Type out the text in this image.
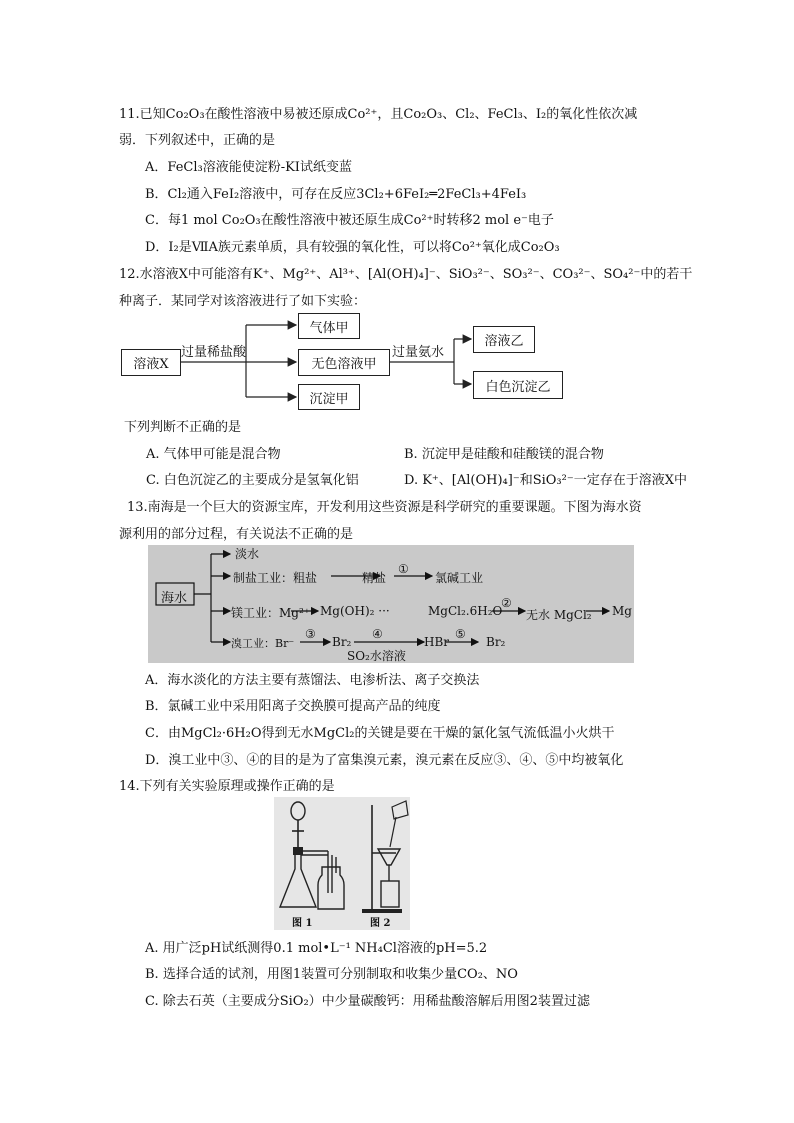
11.已知Co₂O₃在酸性溶液中易被还原成Co²⁺，且Co₂O₃、Cl₂、FeCl₃、I₂的氧化性依次减
弱．下列叙述中，正确的是
A．FeCl₃溶液能使淀粉-KI试纸变蓝
B．Cl₂通入FeI₂溶液中，可存在反应3Cl₂+6FeI₂═2FeCl₃+4FeI₃
C．每1 mol Co₂O₃在酸性溶液中被还原生成Co²⁺时转移2 mol e⁻电子
D．I₂是ⅦA族元素单质，具有较强的氧化性，可以将Co²⁺氧化成Co₂O₃
12.水溶液X中可能溶有K⁺、Mg²⁺、Al³⁺、[Al(OH)₄]⁻、SiO₃²⁻、SO₃²⁻、CO₃²⁻、SO₄²⁻中的若干
种离子．某同学对该溶液进行了如下实验：
溶液X
过量稀盐酸
气体甲
无色溶液甲
沉淀甲
过量氨水
溶液乙
白色沉淀乙
下列判断不正确的是
A. 气体甲可能是混合物	B. 沉淀甲是硅酸和硅酸镁的混合物
C. 白色沉淀乙的主要成分是氢氧化铝	D. K⁺、[Al(OH)₄]⁻和SiO₃²⁻一定存在于溶液X中
13.南海是一个巨大的资源宝库，开发利用这些资源是科学研究的重要课题。下图为海水资
源利用的部分过程，有关说法不正确的是
海水
淡水
制盐工业：粗盐	精盐
①
氯碱工业
镁工业：Mg²⁺ Mg(OH)₂ ···	MgCl₂.6H₂O
②
无水 MgCl₂ Mg
溴工业：Br⁻
③
Br₂
④
SO₂水溶液
HBr
⑤
Br₂
A．海水淡化的方法主要有蒸馏法、电渗析法、离子交换法
B．氯碱工业中采用阳离子交换膜可提高产品的纯度
C．由MgCl₂·6H₂O得到无水MgCl₂的关键是要在干燥的氯化氢气流低温小火烘干
D．溴工业中③、④的目的是为了富集溴元素，溴元素在反应③、④、⑤中均被氧化
14.下列有关实验原理或操作正确的是
图 1	图 2
A. 用广泛pH试纸测得0.1 mol•L⁻¹ NH₄Cl溶液的pH=5.2
B. 选择合适的试剂，用图1装置可分别制取和收集少量CO₂、NO
C. 除去石英（主要成分SiO₂）中少量碳酸钙：用稀盐酸溶解后用图2装置过滤
